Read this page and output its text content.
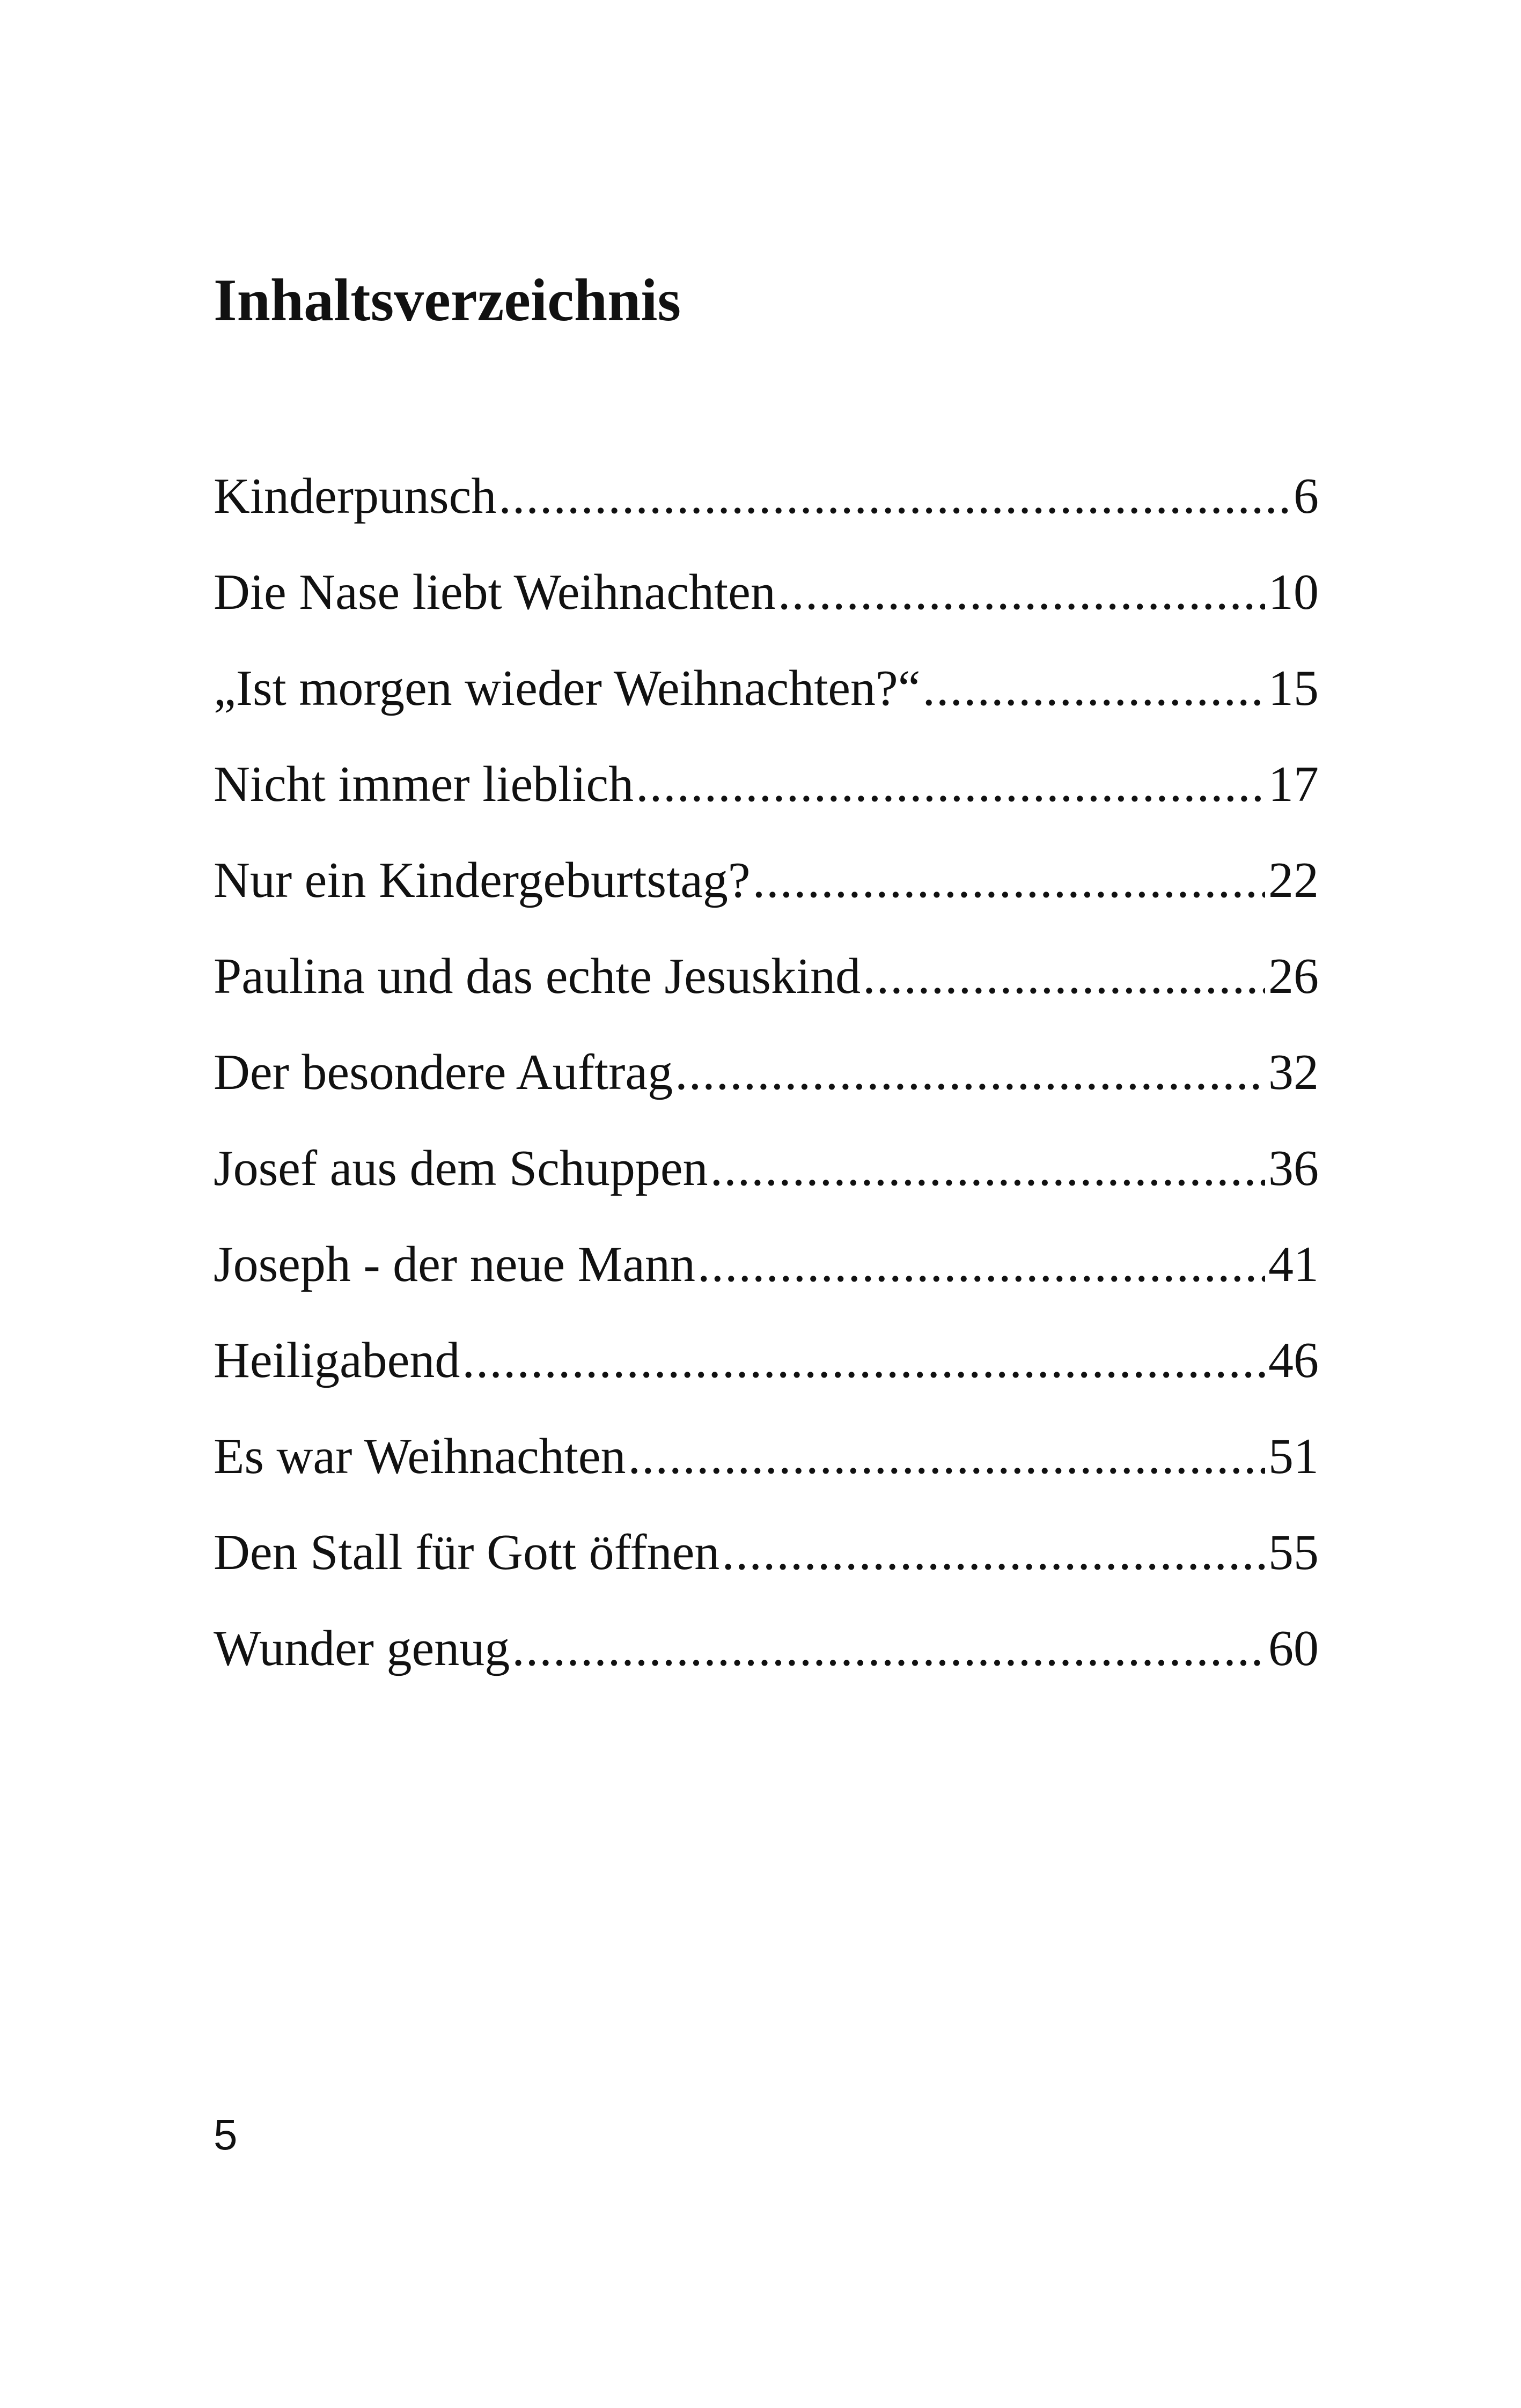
Inhaltsverzeichnis
Kinderpunsch .....	6
Die Nase liebt Weihnachten .....	10
„Ist morgen wieder Weihnachten?“ .....	15
Nicht immer lieblich .....	17
Nur ein Kindergeburtstag? .....	22
Paulina und das echte Jesuskind .....	26
Der besondere Auftrag .....	32
Josef aus dem Schuppen .....	36
Joseph - der neue Mann .....	41
Heiligabend .....	46
Es war Weihnachten .....	51
Den Stall für Gott öffnen .....	55
Wunder genug .....	60
5
